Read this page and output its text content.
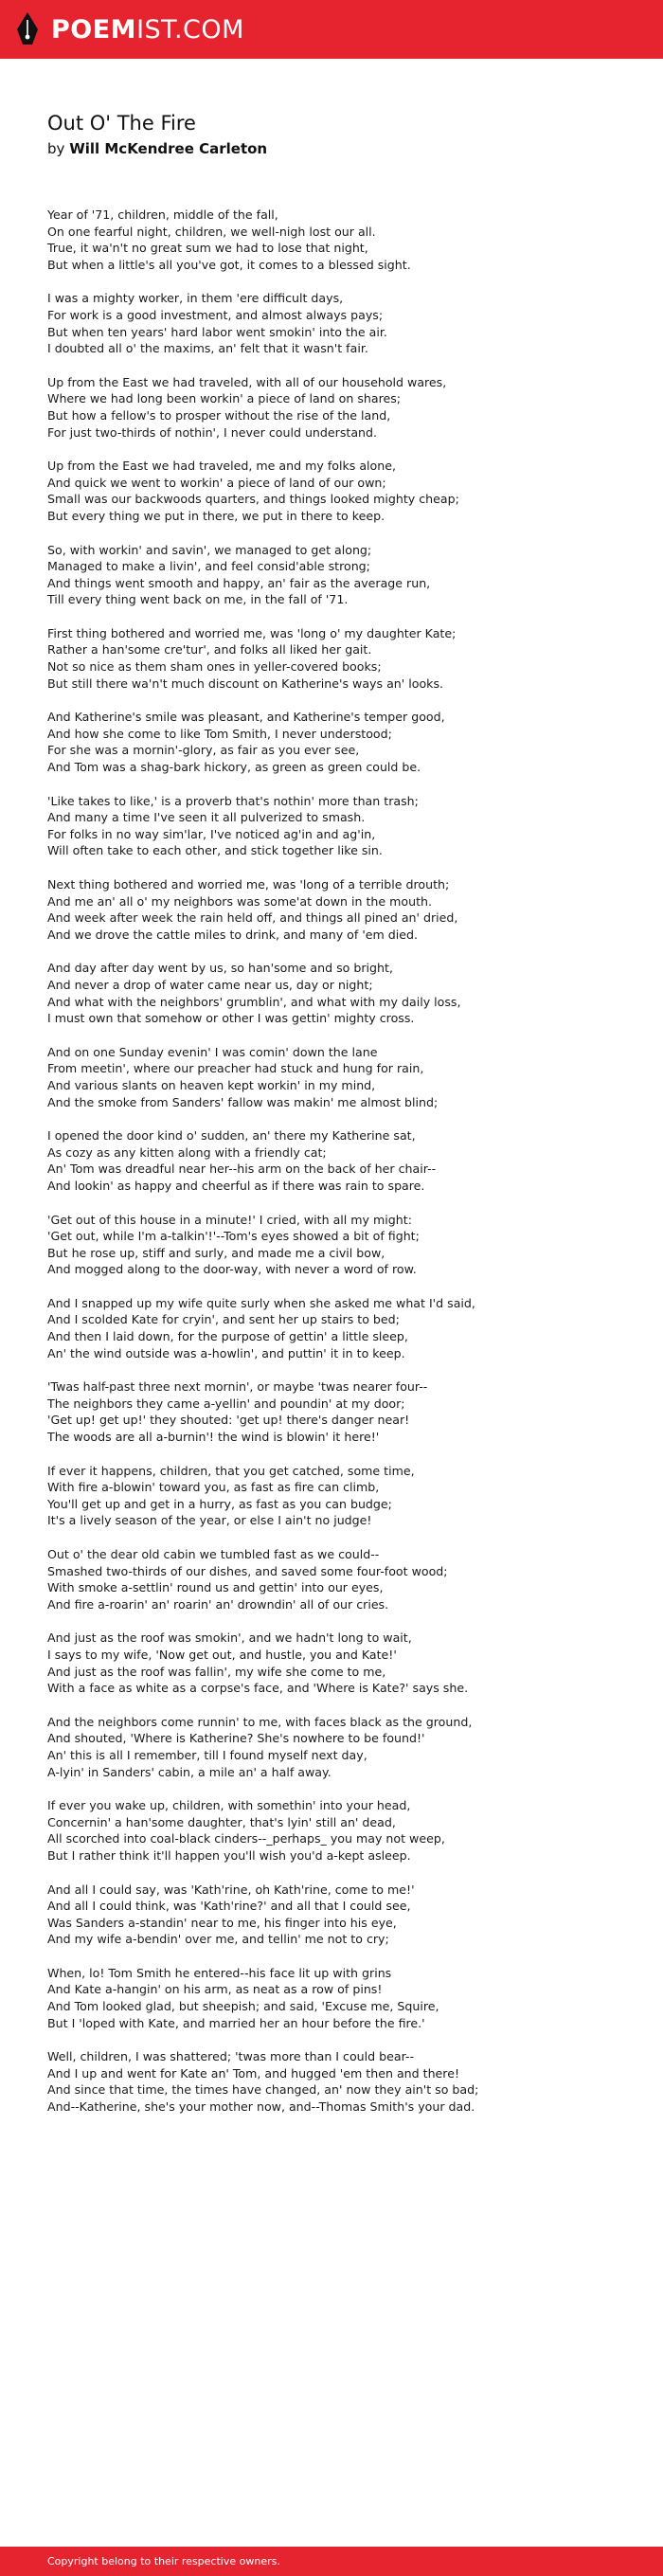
POEMIST.COM
Out O' The Fire
by Will McKendree Carleton
Year of '71, children, middle of the fall,
On one fearful night, children, we well-nigh lost our all.
True, it wa'n't no great sum we had to lose that night,
But when a little's all you've got, it comes to a blessed sight.
I was a mighty worker, in them 'ere difficult days,
For work is a good investment, and almost always pays;
But when ten years' hard labor went smokin' into the air.
I doubted all o' the maxims, an' felt that it wasn't fair.
Up from the East we had traveled, with all of our household wares,
Where we had long been workin' a piece of land on shares;
But how a fellow's to prosper without the rise of the land,
For just two-thirds of nothin', I never could understand.
Up from the East we had traveled, me and my folks alone,
And quick we went to workin' a piece of land of our own;
Small was our backwoods quarters, and things looked mighty cheap;
But every thing we put in there, we put in there to keep.
So, with workin' and savin', we managed to get along;
Managed to make a livin', and feel consid'able strong;
And things went smooth and happy, an' fair as the average run,
Till every thing went back on me, in the fall of '71.
First thing bothered and worried me, was 'long o' my daughter Kate;
Rather a han'some cre'tur', and folks all liked her gait.
Not so nice as them sham ones in yeller-covered books;
But still there wa'n't much discount on Katherine's ways an' looks.
And Katherine's smile was pleasant, and Katherine's temper good,
And how she come to like Tom Smith, I never understood;
For she was a mornin'-glory, as fair as you ever see,
And Tom was a shag-bark hickory, as green as green could be.
'Like takes to like,' is a proverb that's nothin' more than trash;
And many a time I've seen it all pulverized to smash.
For folks in no way sim'lar, I've noticed ag'in and ag'in,
Will often take to each other, and stick together like sin.
Next thing bothered and worried me, was 'long of a terrible drouth;
And me an' all o' my neighbors was some'at down in the mouth.
And week after week the rain held off, and things all pined an' dried,
And we drove the cattle miles to drink, and many of 'em died.
And day after day went by us, so han'some and so bright,
And never a drop of water came near us, day or night;
And what with the neighbors' grumblin', and what with my daily loss,
I must own that somehow or other I was gettin' mighty cross.
And on one Sunday evenin' I was comin' down the lane
From meetin', where our preacher had stuck and hung for rain,
And various slants on heaven kept workin' in my mind,
And the smoke from Sanders' fallow was makin' me almost blind;
I opened the door kind o' sudden, an' there my Katherine sat,
As cozy as any kitten along with a friendly cat;
An' Tom was dreadful near her--his arm on the back of her chair--
And lookin' as happy and cheerful as if there was rain to spare.
'Get out of this house in a minute!' I cried, with all my might:
'Get out, while I'm a-talkin'!'--Tom's eyes showed a bit of fight;
But he rose up, stiff and surly, and made me a civil bow,
And mogged along to the door-way, with never a word of row.
And I snapped up my wife quite surly when she asked me what I'd said,
And I scolded Kate for cryin', and sent her up stairs to bed;
And then I laid down, for the purpose of gettin' a little sleep,
An' the wind outside was a-howlin', and puttin' it in to keep.
'Twas half-past three next mornin', or maybe 'twas nearer four--
The neighbors they came a-yellin' and poundin' at my door;
'Get up! get up!' they shouted: 'get up! there's danger near!
The woods are all a-burnin'! the wind is blowin' it here!'
If ever it happens, children, that you get catched, some time,
With fire a-blowin' toward you, as fast as fire can climb,
You'll get up and get in a hurry, as fast as you can budge;
It's a lively season of the year, or else I ain't no judge!
Out o' the dear old cabin we tumbled fast as we could--
Smashed two-thirds of our dishes, and saved some four-foot wood;
With smoke a-settlin' round us and gettin' into our eyes,
And fire a-roarin' an' roarin' an' drowndin' all of our cries.
And just as the roof was smokin', and we hadn't long to wait,
I says to my wife, 'Now get out, and hustle, you and Kate!'
And just as the roof was fallin', my wife she come to me,
With a face as white as a corpse's face, and 'Where is Kate?' says she.
And the neighbors come runnin' to me, with faces black as the ground,
And shouted, 'Where is Katherine? She's nowhere to be found!'
An' this is all I remember, till I found myself next day,
A-lyin' in Sanders' cabin, a mile an' a half away.
If ever you wake up, children, with somethin' into your head,
Concernin' a han'some daughter, that's lyin' still an' dead,
All scorched into coal-black cinders--_perhaps_ you may not weep,
But I rather think it'll happen you'll wish you'd a-kept asleep.
And all I could say, was 'Kath'rine, oh Kath'rine, come to me!'
And all I could think, was 'Kath'rine?' and all that I could see,
Was Sanders a-standin' near to me, his finger into his eye,
And my wife a-bendin' over me, and tellin' me not to cry;
When, lo! Tom Smith he entered--his face lit up with grins
And Kate a-hangin' on his arm, as neat as a row of pins!
And Tom looked glad, but sheepish; and said, 'Excuse me, Squire,
But I 'loped with Kate, and married her an hour before the fire.'
Well, children, I was shattered; 'twas more than I could bear--
And I up and went for Kate an' Tom, and hugged 'em then and there!
And since that time, the times have changed, an' now they ain't so bad;
And--Katherine, she's your mother now, and--Thomas Smith's your dad.
Copyright belong to their respective owners.
